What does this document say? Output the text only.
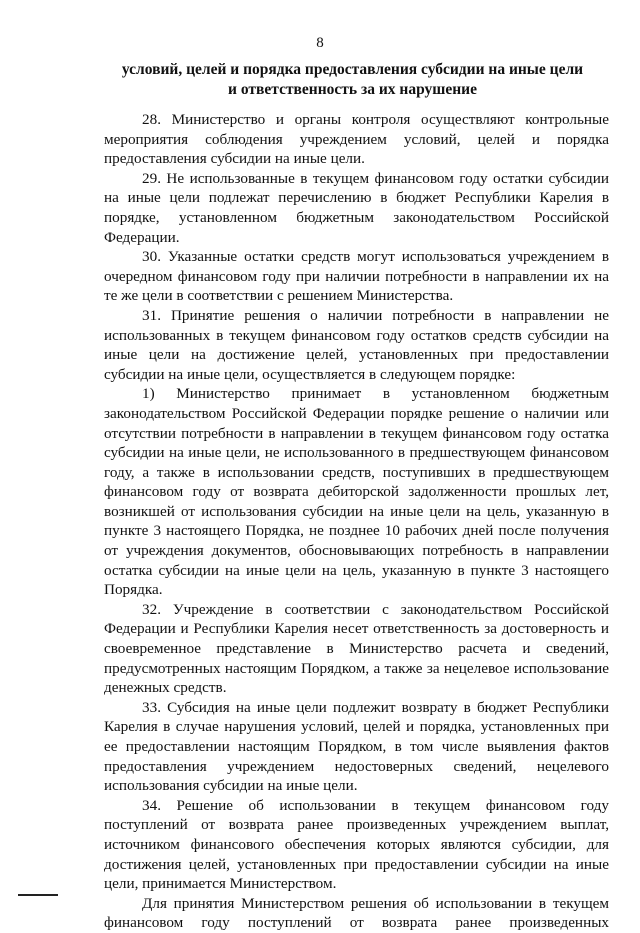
8
условий, целей и порядка предоставления субсидии на иные цели
и ответственность за их нарушение

28. Министерство и органы контроля осуществляют контрольные мероприятия соблюдения учреждением условий, целей и порядка предоставления субсидии на иные цели.

29. Не использованные в текущем финансовом году остатки субсидии на иные цели подлежат перечислению в бюджет Республики Карелия в порядке, установленном бюджетным законодательством Российской Федерации.

30. Указанные остатки средств могут использоваться учреждением в очередном финансовом году при наличии потребности в направлении их на те же цели в соответствии с решением Министерства.

31. Принятие решения о наличии потребности в направлении не использованных в текущем финансовом году остатков средств субсидии на иные цели на достижение целей, установленных при предоставлении субсидии на иные цели, осуществляется в следующем порядке:

1) Министерство принимает в установленном бюджетным законодательством Российской Федерации порядке решение о наличии или отсутствии потребности в направлении в текущем финансовом году остатка субсидии на иные цели, не использованного в предшествующем финансовом году, а также в использовании средств, поступивших в предшествующем финансовом году от возврата дебиторской задолженности прошлых лет, возникшей от использования субсидии на иные цели на цель, указанную в пункте 3 настоящего Порядка, не позднее 10 рабочих дней после получения от учреждения документов, обосновывающих потребность в направлении остатка субсидии на иные цели на цель, указанную в пункте 3 настоящего Порядка.

32. Учреждение в соответствии с законодательством Российской Федерации и Республики Карелия несет ответственность за достоверность и своевременное представление в Министерство расчета и сведений, предусмотренных настоящим Порядком, а также за нецелевое использование денежных средств.

33. Субсидия на иные цели подлежит возврату в бюджет Республики Карелия в случае нарушения условий, целей и порядка, установленных при ее предоставлении настоящим Порядком, в том числе выявления фактов предоставления учреждением недостоверных сведений, нецелевого использования субсидии на иные цели.

34. Решение об использовании в текущем финансовом году поступлений от возврата ранее произведенных учреждением выплат, источником финансового обеспечения которых являются субсидии, для достижения целей, установленных при предоставлении субсидии на иные цели, принимается Министерством.

Для принятия Министерством решения об использовании в текущем финансовом году поступлений от возврата ранее произведенных
